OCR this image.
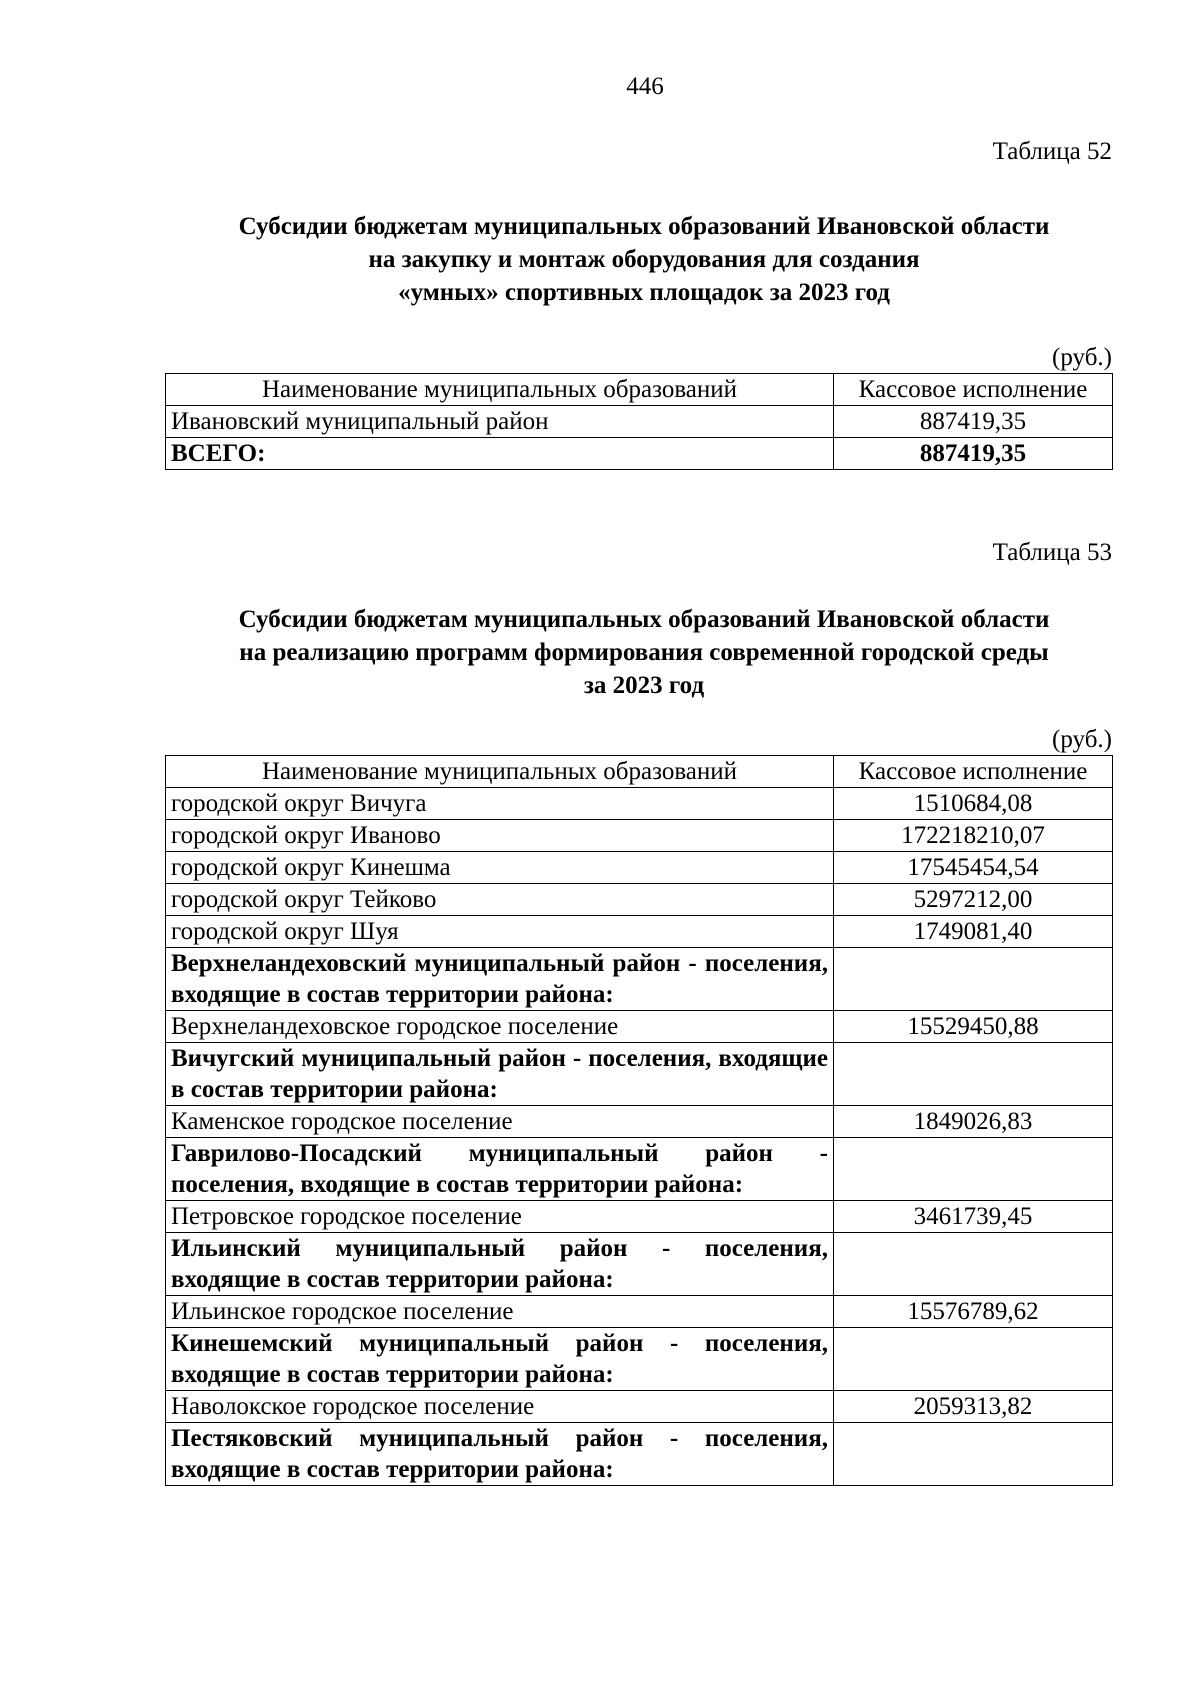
446
Таблица 52
Субсидии бюджетам муниципальных образований Ивановской области
на закупку и монтаж оборудования для создания
«умных» спортивных площадок за 2023 год
(руб.)
Наименование муниципальных образований	Кассовое исполнение
Ивановский муниципальный район	887419,35
ВСЕГО:	887419,35
Таблица 53
Субсидии бюджетам муниципальных образований Ивановской области
на реализацию программ формирования современной городской среды
за 2023 год
(руб.)
Наименование муниципальных образований	Кассовое исполнение
городской округ Вичуга	1510684,08
городской округ Иваново	172218210,07
городской округ Кинешма	17545454,54
городской округ Тейково	5297212,00
городской округ Шуя	1749081,40
Верхнеландеховский муниципальный район - поселения, входящие в состав территории района:	
Верхнеландеховское городское поселение	15529450,88
Вичугский муниципальный район - поселения, входящие в состав территории района:	
Каменское городское поселение	1849026,83
Гаврилово-Посадский муниципальный район - поселения, входящие в состав территории района:	
Петровское городское поселение	3461739,45
Ильинский муниципальный район - поселения, входящие в состав территории района:	
Ильинское городское поселение	15576789,62
Кинешемский муниципальный район - поселения, входящие в состав территории района:	
Наволокское городское поселение	2059313,82
Пестяковский муниципальный район - поселения, входящие в состав территории района:	
